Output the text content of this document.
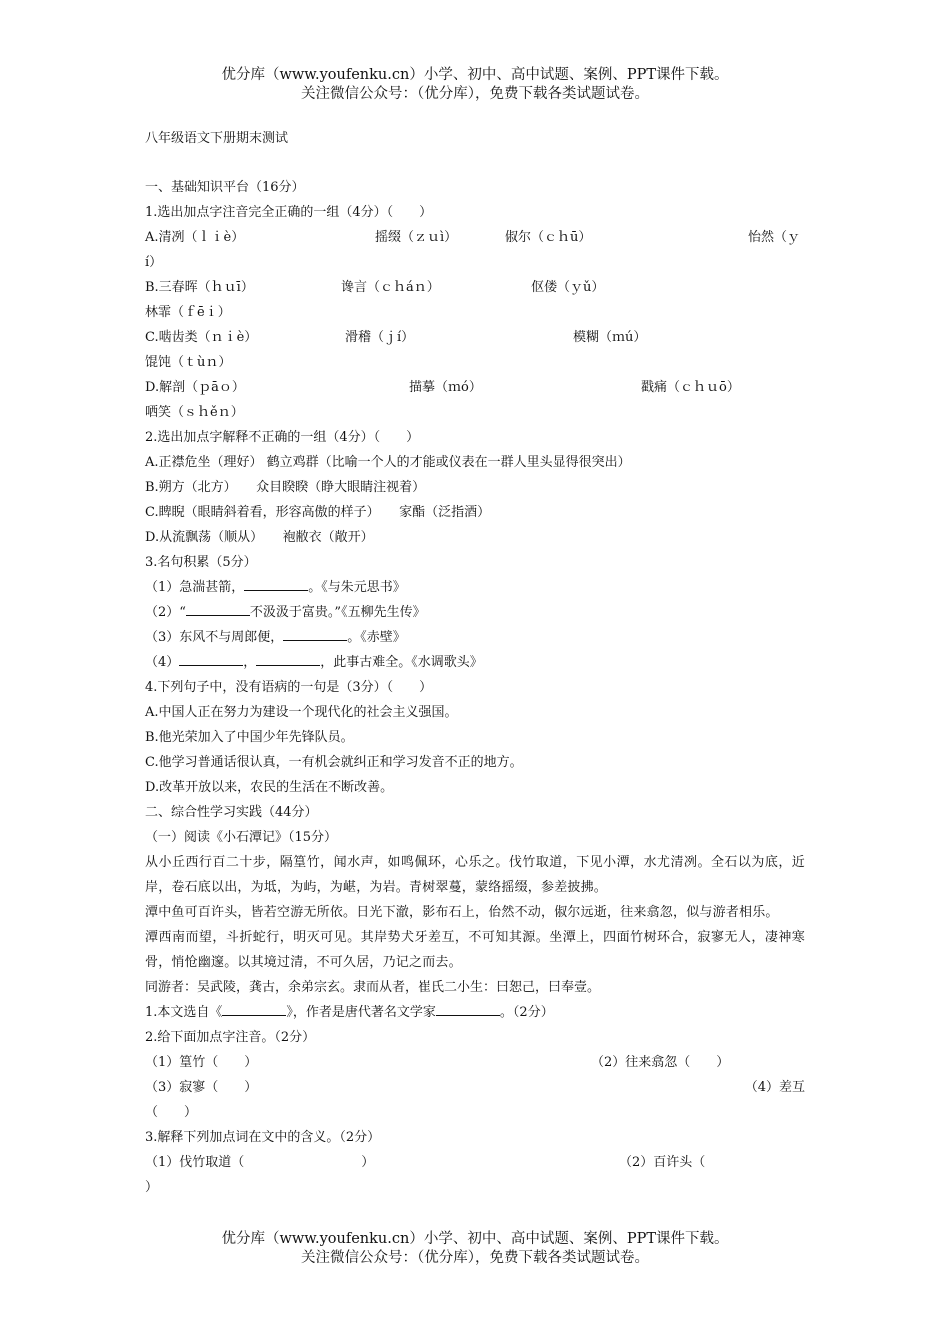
优分库（www.youfenku.cn）小学、初中、高中试题、案例、PPT课件下载。
关注微信公众号：（优分库），免费下载各类试题试卷。
八年级语文下册期末测试
一、基础知识平台（16分）
1.选出加点字注音完全正确的一组（4分）（　　）
A.清冽（ｌｉè）	摇缀（ｚｕì）	俶尔（ｃｈū）	怡然（ｙ
í）
B.三春晖（ｈｕī）	谗言（ｃｈáｎ）	伛偻（ｙǔ）
林霏（ｆēｉ）
C.啮齿类（ｎｉè）	滑稽（ｊí）	模糊（ｍú）
馄饨（ｔùｎ）
D.解剖（ｐāｏ）	描摹（ｍó）	戳痛（ｃｈｕō）
哂笑（ｓｈěｎ）
2.选出加点字解释不正确的一组（4分）（　　）
A.正襟危坐（理好） 鹤立鸡群（比喻一个人的才能或仪表在一群人里头显得很突出）
B.朔方（北方）　　众目睽睽（睁大眼睛注视着）
C.睥睨（眼睛斜着看，形容高傲的样子）　　家酯（泛指酒）
D.从流飘荡（顺从）　　袍敝衣（敞开）
3.名句积累（5分）
（1）急湍甚箭，	。《与朱元思书》
（2）“	不汲汲于富贵。”《五柳先生传》
（3）东风不与周郎便，	。《赤壁》
（4）	，	，此事古难全。《水调歌头》
4.下列句子中，没有语病的一句是（3分）（　　）
A.中国人正在努力为建设一个现代化的社会主义强国。
B.他光荣加入了中国少年先锋队员。
C.他学习普通话很认真，一有机会就纠正和学习发音不正的地方。
D.改革开放以来，农民的生活在不断改善。
二、综合性学习实践（44分）
（一）阅读《小石潭记》（15分）
从小丘西行百二十步，隔篁竹，闻水声，如鸣佩环，心乐之。伐竹取道，下见小潭，水尤清冽。全石以为底，近岸，卷石底以出，为坻，为屿，为嵁，为岩。青树翠蔓，蒙络摇缀，参差披拂。
潭中鱼可百许头，皆若空游无所依。日光下澈，影布石上，佁然不动，俶尔远逝，往来翕忽，似与游者相乐。
潭西南而望，斗折蛇行，明灭可见。其岸势犬牙差互，不可知其源。坐潭上，四面竹树环合，寂寥无人，凄神寒骨，悄怆幽邃。以其境过清，不可久居，乃记之而去。
同游者：吴武陵，龚古，余弟宗玄。隶而从者，崔氏二小生：曰恕己，曰奉壹。
1.本文选自《	》，作者是唐代著名文学家	。（2分）
2.给下面加点字注音。（2分）
（1）篁竹（　　）	（2）往来翕忽（　　）
（3）寂寥（　　）	（4）差互
（　　）
3.解释下列加点词在文中的含义。（2分）
（1）伐竹取道（　　　　　　　　　）	（2）百许头（
）
优分库（www.youfenku.cn）小学、初中、高中试题、案例、PPT课件下载。
关注微信公众号：（优分库），免费下载各类试题试卷。
